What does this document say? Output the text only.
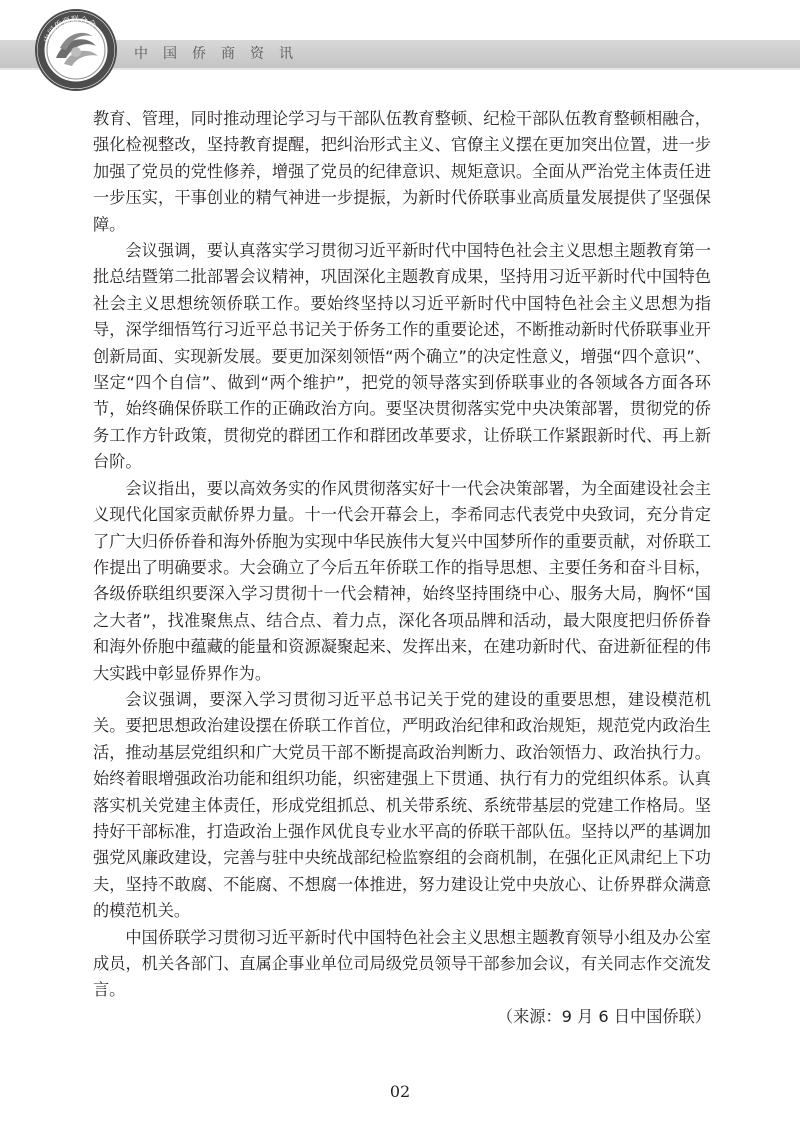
中国侨商资讯
中国侨商联合会

教育、管理，同时推动理论学习与干部队伍教育整顿、纪检干部队伍教育整顿相融合，强化检视整改，坚持教育提醒，把纠治形式主义、官僚主义摆在更加突出位置，进一步加强了党员的党性修养，增强了党员的纪律意识、规矩意识。全面从严治党主体责任进一步压实，干事创业的精气神进一步提振，为新时代侨联事业高质量发展提供了坚强保障。

会议强调，要认真落实学习贯彻习近平新时代中国特色社会主义思想主题教育第一批总结暨第二批部署会议精神，巩固深化主题教育成果，坚持用习近平新时代中国特色社会主义思想统领侨联工作。要始终坚持以习近平新时代中国特色社会主义思想为指导，深学细悟笃行习近平总书记关于侨务工作的重要论述，不断推动新时代侨联事业开创新局面、实现新发展。要更加深刻领悟“两个确立”的决定性意义，增强“四个意识”、坚定“四个自信”、做到“两个维护”，把党的领导落实到侨联事业的各领域各方面各环节，始终确保侨联工作的正确政治方向。要坚决贯彻落实党中央决策部署，贯彻党的侨务工作方针政策，贯彻党的群团工作和群团改革要求，让侨联工作紧跟新时代、再上新台阶。

会议指出，要以高效务实的作风贯彻落实好十一代会决策部署，为全面建设社会主义现代化国家贡献侨界力量。十一代会开幕会上，李希同志代表党中央致词，充分肯定了广大归侨侨眷和海外侨胞为实现中华民族伟大复兴中国梦所作的重要贡献，对侨联工作提出了明确要求。大会确立了今后五年侨联工作的指导思想、主要任务和奋斗目标，各级侨联组织要深入学习贯彻十一代会精神，始终坚持围绕中心、服务大局，胸怀“国之大者”，找准聚焦点、结合点、着力点，深化各项品牌和活动，最大限度把归侨侨眷和海外侨胞中蕴藏的能量和资源凝聚起来、发挥出来，在建功新时代、奋进新征程的伟大实践中彰显侨界作为。

会议强调，要深入学习贯彻习近平总书记关于党的建设的重要思想，建设模范机关。要把思想政治建设摆在侨联工作首位，严明政治纪律和政治规矩，规范党内政治生活，推动基层党组织和广大党员干部不断提高政治判断力、政治领悟力、政治执行力。始终着眼增强政治功能和组织功能，织密建强上下贯通、执行有力的党组织体系。认真落实机关党建主体责任，形成党组抓总、机关带系统、系统带基层的党建工作格局。坚持好干部标准，打造政治上强作风优良专业水平高的侨联干部队伍。坚持以严的基调加强党风廉政建设，完善与驻中央统战部纪检监察组的会商机制，在强化正风肃纪上下功夫，坚持不敢腐、不能腐、不想腐一体推进，努力建设让党中央放心、让侨界群众满意的模范机关。

中国侨联学习贯彻习近平新时代中国特色社会主义思想主题教育领导小组及办公室成员，机关各部门、直属企事业单位司局级党员领导干部参加会议，有关同志作交流发言。

（来源：9 月 6 日中国侨联）

02
